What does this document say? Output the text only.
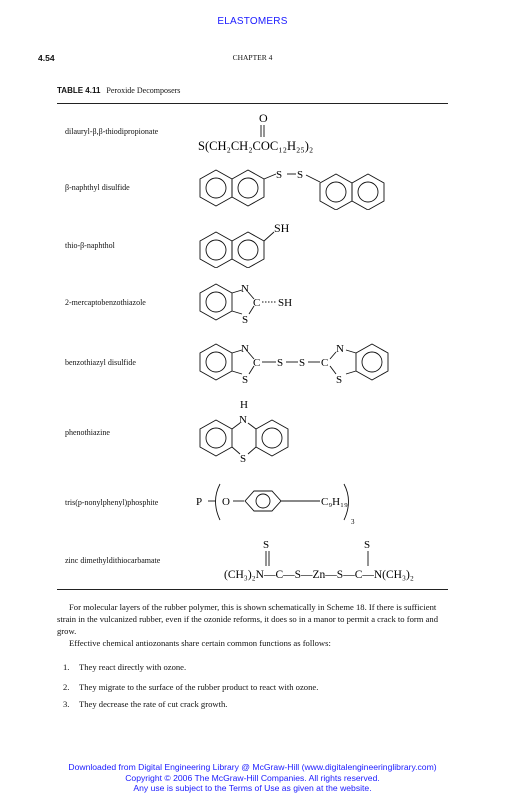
ELASTOMERS
4.54	CHAPTER 4
TABLE 4.11 Peroxide Decomposers
dilauryl-β,β-thiodipropionate
O
S(CH₂CH₂COC₁₂H₂₅)₂
β-naphthyl disulfide
S S
thio-β-naphthol
SH
2-mercaptobenzothiazole
N
C SH
S
benzothiazyl disulfide
N
C S S C
N
S
S
phenothiazine
H
N
S
tris(p-nonylphenyl)phosphite	P O	C₉H₁₉
3
zinc dimethyldithiocarbamate
S	S
(CH₃)₂N—C—S—Zn—S—C—N(CH₃)₂

For molecular layers of the rubber polymer, this is shown schematically in Scheme 18. If there is sufficient strain in the vulcanized rubber, even if the ozonide reforms, it does so in a manor to permit a crack to form and grow.

Effective chemical antiozonants share certain common functions as follows:

1. They react directly with ozone.
2. They migrate to the surface of the rubber product to react with ozone.
3. They decrease the rate of cut crack growth.
Downloaded from Digital Engineering Library @ McGraw-Hill (www.digitalengineeringlibrary.com)
Copyright © 2006 The McGraw-Hill Companies. All rights reserved.
Any use is subject to the Terms of Use as given at the website.
